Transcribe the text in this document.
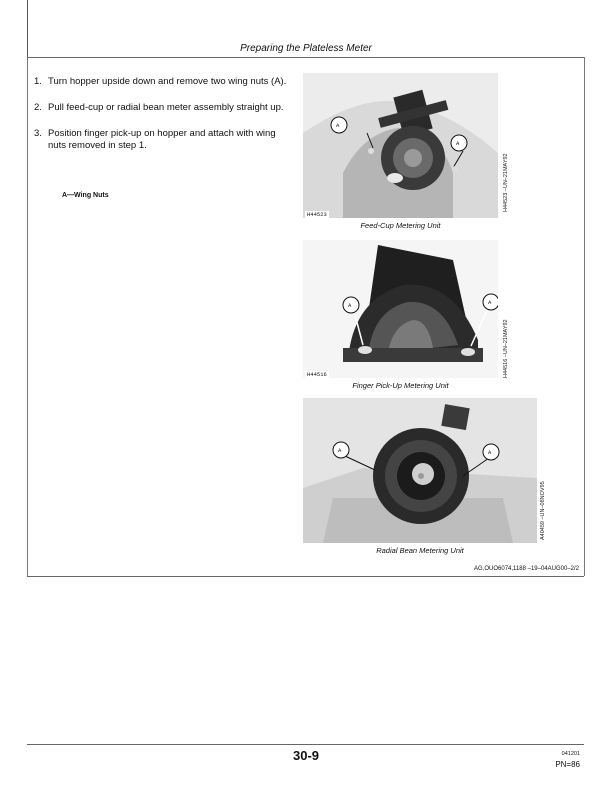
Preparing the Plateless Meter
1. Turn hopper upside down and remove two wing nuts (A).
2. Pull feed-cup or radial bean meter assembly straight up.
3. Position finger pick-up on hopper and attach with wing nuts removed in step 1.
A—Wing Nuts
A
A
H44523
H44523 –UN–21MAY92
Feed-Cup Metering Unit
A	A
H44516	H44516 –UN–21MAY92
Finger Pick-Up Metering Unit
A	A
A40459 –UN–08NOV95
Radial Bean Metering Unit
AG,OUO6074,1188 –19–04AUG00–2/2
30-9	041201
PN=86
